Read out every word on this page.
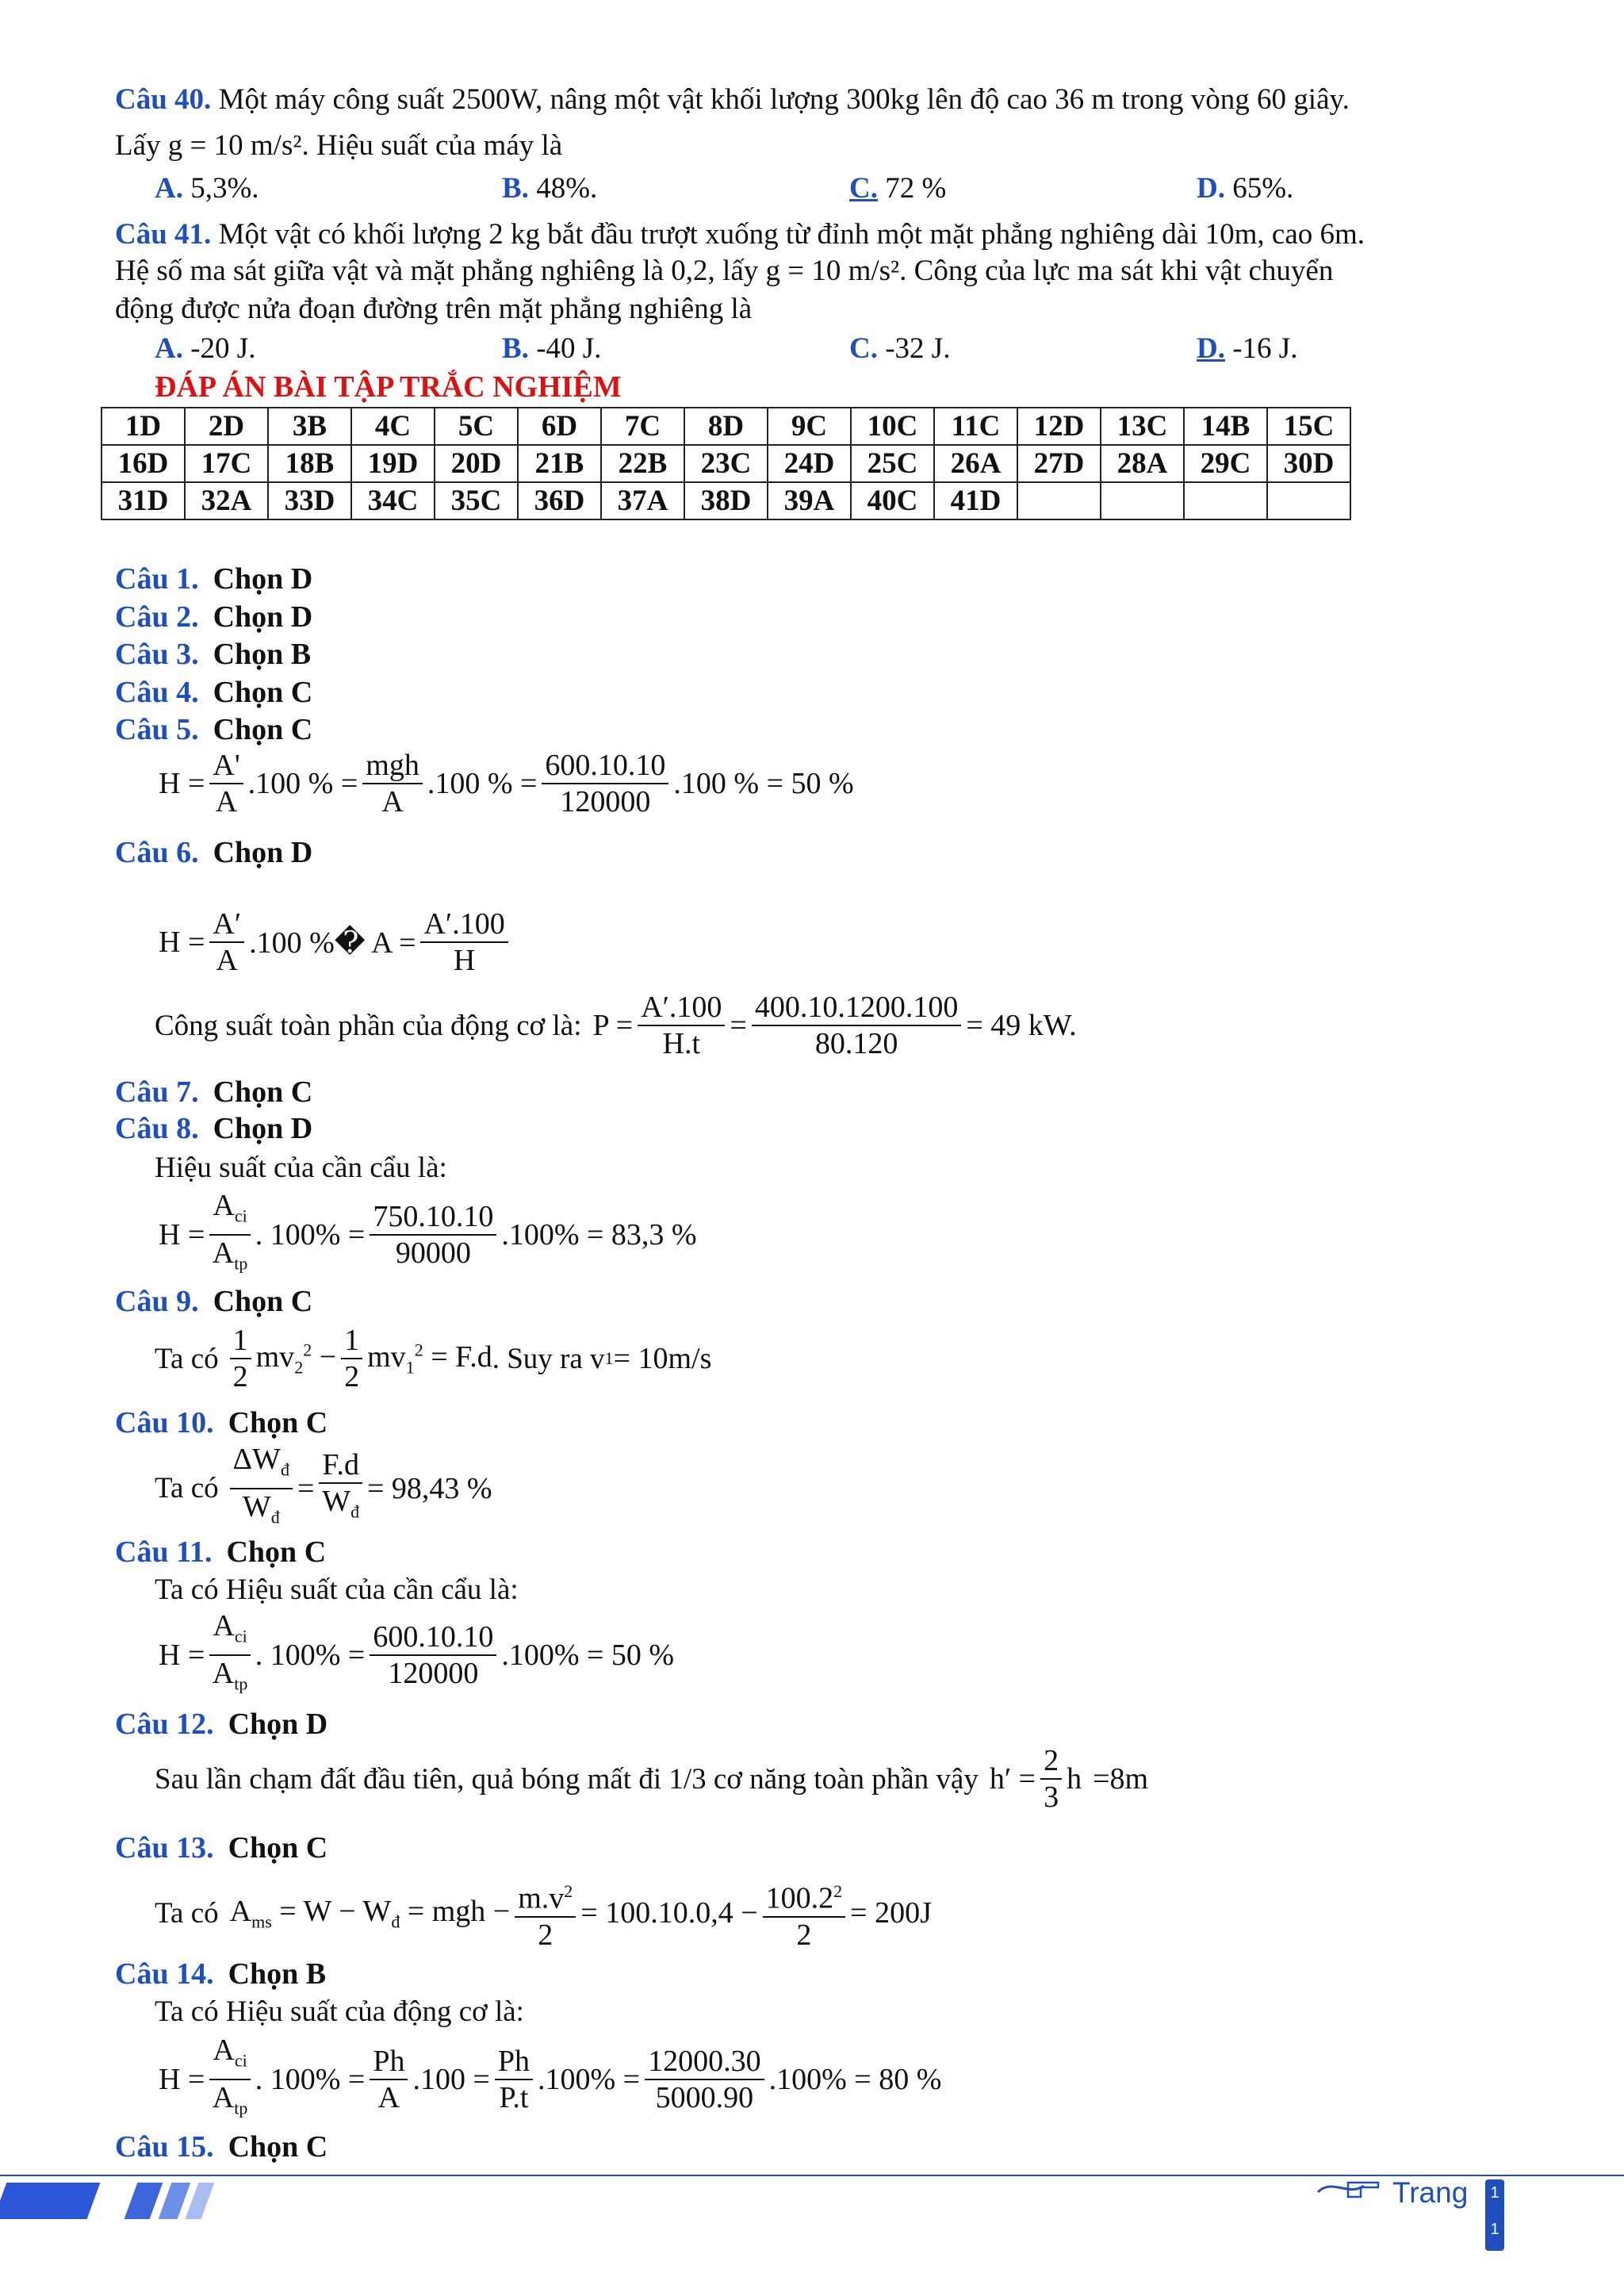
Câu 40. Một máy công suất 2500W, nâng một vật khối lượng 300kg lên độ cao 36 m trong vòng 60 giây.
Lấy g = 10 m/s². Hiệu suất của máy là
A. 5,3%.	B. 48%.	C. 72 %	D. 65%.
Câu 41. Một vật có khối lượng 2 kg bắt đầu trượt xuống từ đỉnh một mặt phẳng nghiêng dài 10m, cao 6m.
Hệ số ma sát giữa vật và mặt phẳng nghiêng là 0,2, lấy g = 10 m/s². Công của lực ma sát khi vật chuyển
động được nửa đoạn đường trên mặt phẳng nghiêng là
A. -20 J.	B. -40 J.	C. -32 J.	D. -16 J.
ĐÁP ÁN BÀI TẬP TRẮC NGHIỆM
1D	2D	3B	4C	5C	6D	7C	8D	9C	10C	11C	12D	13C	14B	15C
16D	17C	18B	19D	20D	21B	22B	23C	24D	25C	26A	27D	28A	29C	30D
31D	32A	33D	34C	35C	36D	37A	38D	39A	40C	41D				
Câu 1. Chọn D
Câu 2. Chọn D
Câu 3. Chọn B
Câu 4. Chọn C
Câu 5. Chọn C
$H = \frac{A'}{A} .100$ % = $\frac{\text{mgh}}{A} .100$ % = $\frac{600.10.10}{120000} .100$ % = 50 %
Câu 6. Chọn D
$H = \frac{A'}{A} .100$ %� $A = \frac{A'.100}{H}$
Công suất toàn phần của động cơ là: $P = \frac{A'.100}{H.t} = \frac{400.10.1200.100}{80.120} = 49$ kW.
Câu 7. Chọn C
Câu 8. Chọn D
Hiệu suất của cần cẩu là:
$H = \frac{A_{ci}}{A_{tp}}$ . $100\% = \frac{750.10.10}{90000} .100\% = 83,3$ %
Câu 9. Chọn C
Ta có $\frac{1}{2} mv_2^2 - \frac{1}{2} mv_1^2 = F.d$ . Suy ra v 1 = 10m/s
Câu 10. Chọn C
Ta có $\frac{\Delta W_đ}{W_đ} = \frac{F.d}{W_đ} = 98,43$ %
Câu 11. Chọn C
Ta có Hiệu suất của cần cẩu là:
$H = \frac{A_{ci}}{A_{tp}}$ . $100\% = \frac{600.10.10}{120000} .100\% = 50$ %
Câu 12. Chọn D
Sau lần chạm đất đầu tiên, quả bóng mất đi 1/3 cơ năng toàn phần vậy $h' = \frac{2}{3}$ h =8m
Câu 13. Chọn C
Ta có $A_{ms} = W - W_đ$ = mgh − $\frac{m.v^2}{2} = 100.10.0,4 - \frac{100.2^2}{2} = 200J$
Câu 14. Chọn B
Ta có Hiệu suất của động cơ là:
$H = \frac{A_{ci}}{A_{tp}}$ . $100\% = \frac{Ph}{A} .100 = \frac{Ph}{P.t} .100\% = \frac{12000.30}{5000.90} .100\% = 80$ %
Câu 15. Chọn C
Trang	1
1
